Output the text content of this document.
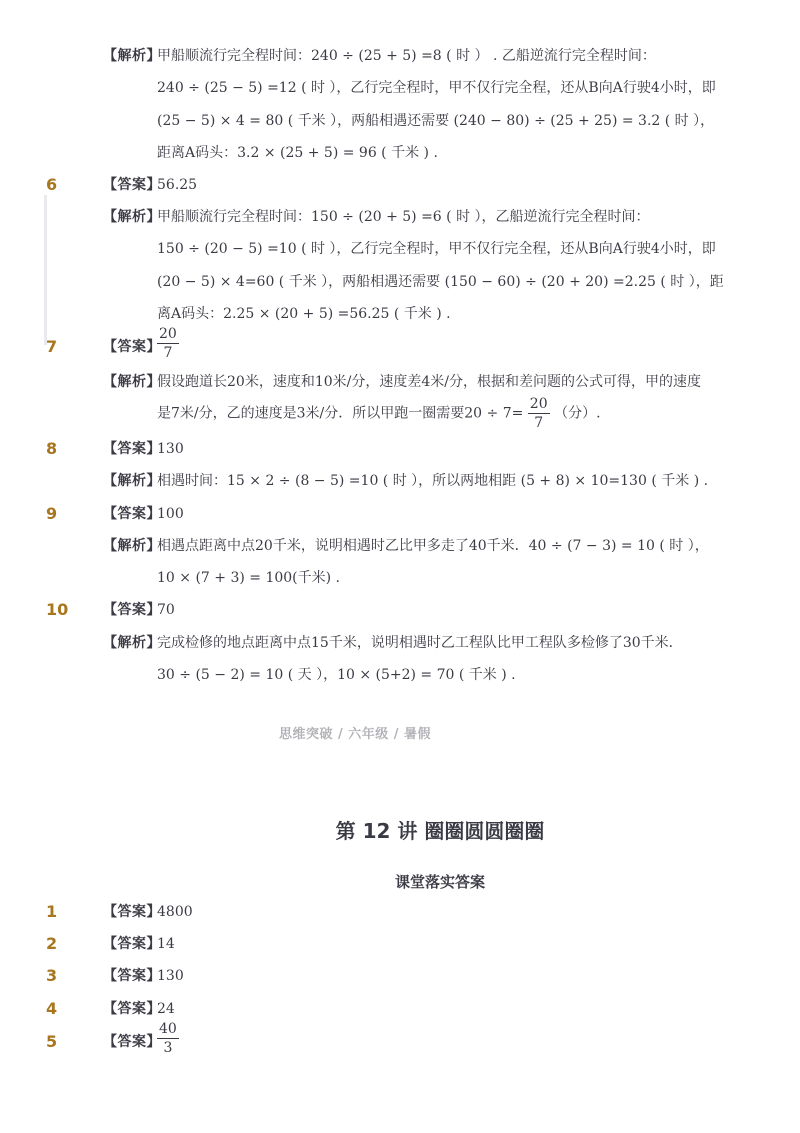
【解析】
甲船顺流行完全程时间：240 ÷ (25 + 5) =8 ( 时 ） . 乙船逆流行完全程时间：
240 ÷ (25 − 5) =12 ( 时 ），乙行完全程时，甲不仅行完全程，还从B向A行驶4小时，即
(25 − 5) × 4 = 80 ( 千米 ），两船相遇还需要 (240 − 80) ÷ (25 + 25) = 3.2 ( 时 ），
距离A码头：3.2 × (25 + 5) = 96 ( 千米 ) .
6	【答案】
56.25
【解析】
甲船顺流行完全程时间：150 ÷ (20 + 5) =6 ( 时 ），乙船逆流行完全程时间：
150 ÷ (20 − 5) =10 ( 时 ），乙行完全程时，甲不仅行完全程，还从B向A行驶4小时，即
(20 − 5) × 4=60 ( 千米 ），两船相遇还需要 (150 − 60) ÷ (20 + 20) =2.25 ( 时 ），距
离A码头：2.25 × (20 + 5) =56.25 ( 千米 ) .
7	【答案】
$\frac{20}{7}$
【解析】
假设跑道长20米，速度和10米/分，速度差4米/分，根据和差问题的公式可得，甲的速度
是7米/分，乙的速度是3米/分．所以甲跑一圈需要$20 \div 7= \frac{20}{7}$ （分）.
8	【答案】
130
【解析】
相遇时间：15 × 2 ÷ (8 − 5) =10 ( 时 ），所以两地相距 (5 + 8) × 10=130 ( 千米 ) .
9	【答案】
100
【解析】
相遇点距离中点20千米，说明相遇时乙比甲多走了40千米．40 ÷ (7 − 3) = 10 ( 时 ），
10 × (7 + 3) = 100(千米) .
10 【答案】
70
【解析】
完成检修的地点距离中点15千米，说明相遇时乙工程队比甲工程队多检修了30千米．
30 ÷ (5 − 2) = 10 ( 天 ），10 × (5+2) = 70 ( 千米 ) .
思维突破 / 六年级 / 暑假
第 12 讲 圈圈圆圆圈圈
课堂落实答案
1	【答案】
4800
2	【答案】
14
3	【答案】
130
4	【答案】
24
5	【答案】
$\frac{40}{3}$
